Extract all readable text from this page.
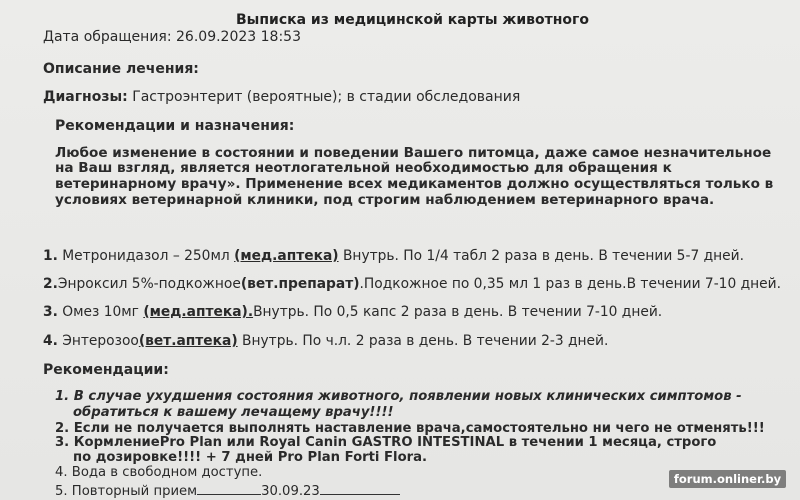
Выписка из медицинской карты животного
Дата обращения: 26.09.2023 18:53
Описание лечения:
Диагнозы: Гастроэнтерит (вероятные); в стадии обследования
Рекомендации и назначения:
Любое изменение в состоянии и поведении Вашего питомца, даже самое незначительное
на Ваш взгляд, является неотлогательной необходимостью для обращения к
ветеринарному врачу». Применение всех медикаментов должно осуществляться только в
условиях ветеринарной клиники, под строгим наблюдением ветеринарного врача.
1. Метронидазол – 250мл (мед.аптека) Внутрь. По 1/4 табл 2 раза в день. В течении 5-7 дней.
2.Энроксил 5%-подкожное(вет.препарат).Подкожное по 0,35 мл 1 раз в день.В течении 7-10 дней.
3. Омез 10мг (мед.аптека).Внутрь. По 0,5 капс 2 раза в день. В течении 7-10 дней.
4. Энтерозоо(вет.аптека) Внутрь. По ч.л. 2 раза в день. В течении 2-3 дней.
Рекомендации:
1. В случае ухудшения состояния животного, появлении новых клинических симптомов -
обратиться к вашему лечащему врачу!!!!
2. Если не получается выполнять наставление врача,самостоятельно ни чего не отменять!!!
3. КормлениеPro Plan или Royal Canin GASTRO INTESTINAL в течении 1 месяца, строго
по дозировке!!!! + 7 дней Pro Plan Forti Flora.
4. Вода в свободном доступе.
5. Повторный прием	30.09.23
forum.onliner.by
